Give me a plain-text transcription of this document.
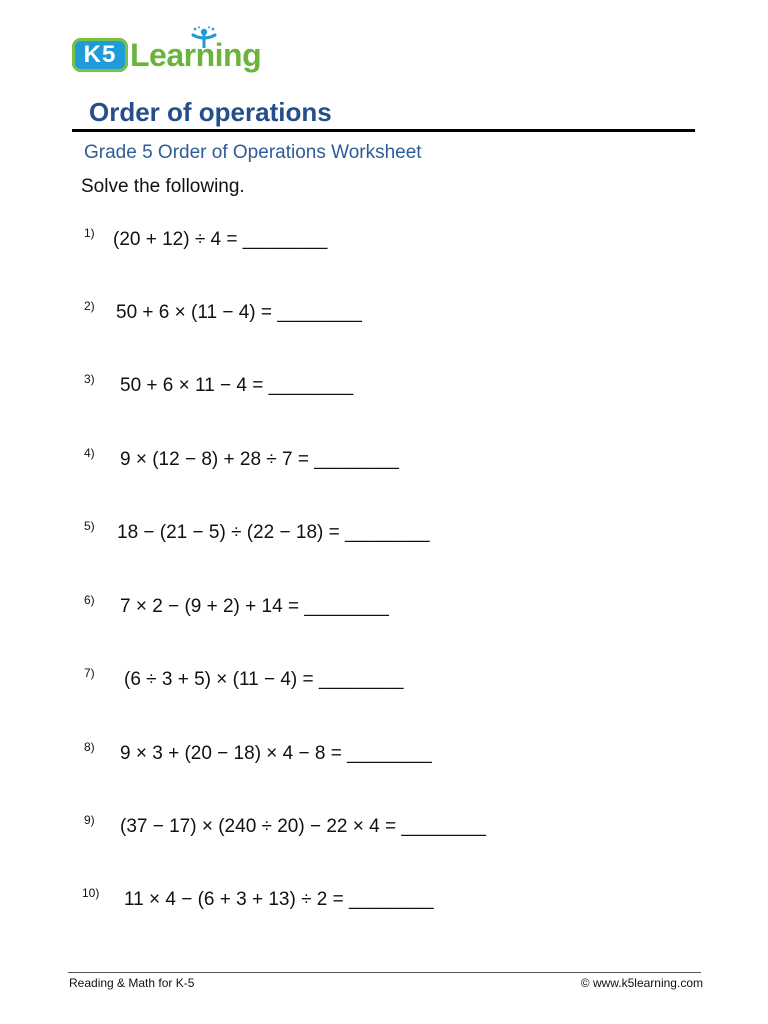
K5 Learning
Order of operations
Grade 5 Order of Operations Worksheet
Solve the following.
1) (20 + 12) ÷ 4 = ________
2) 50 + 6 × (11 − 4) = ________
3) 50 + 6 × 11 − 4 = ________
4) 9 × (12 − 8) + 28 ÷ 7 = ________
5) 18 − (21 − 5) ÷ (22 − 18) = ________
6) 7 × 2 − (9 + 2) + 14 = ________
7) (6 ÷ 3 + 5) × (11 − 4) = ________
8) 9 × 3 + (20 − 18) × 4 − 8 = ________
9) (37 − 17) × (240 ÷ 20) − 22 × 4 = ________
10) 11 × 4 − (6 + 3 + 13) ÷ 2 = ________
Reading & Math for K-5	© www.k5learning.com
